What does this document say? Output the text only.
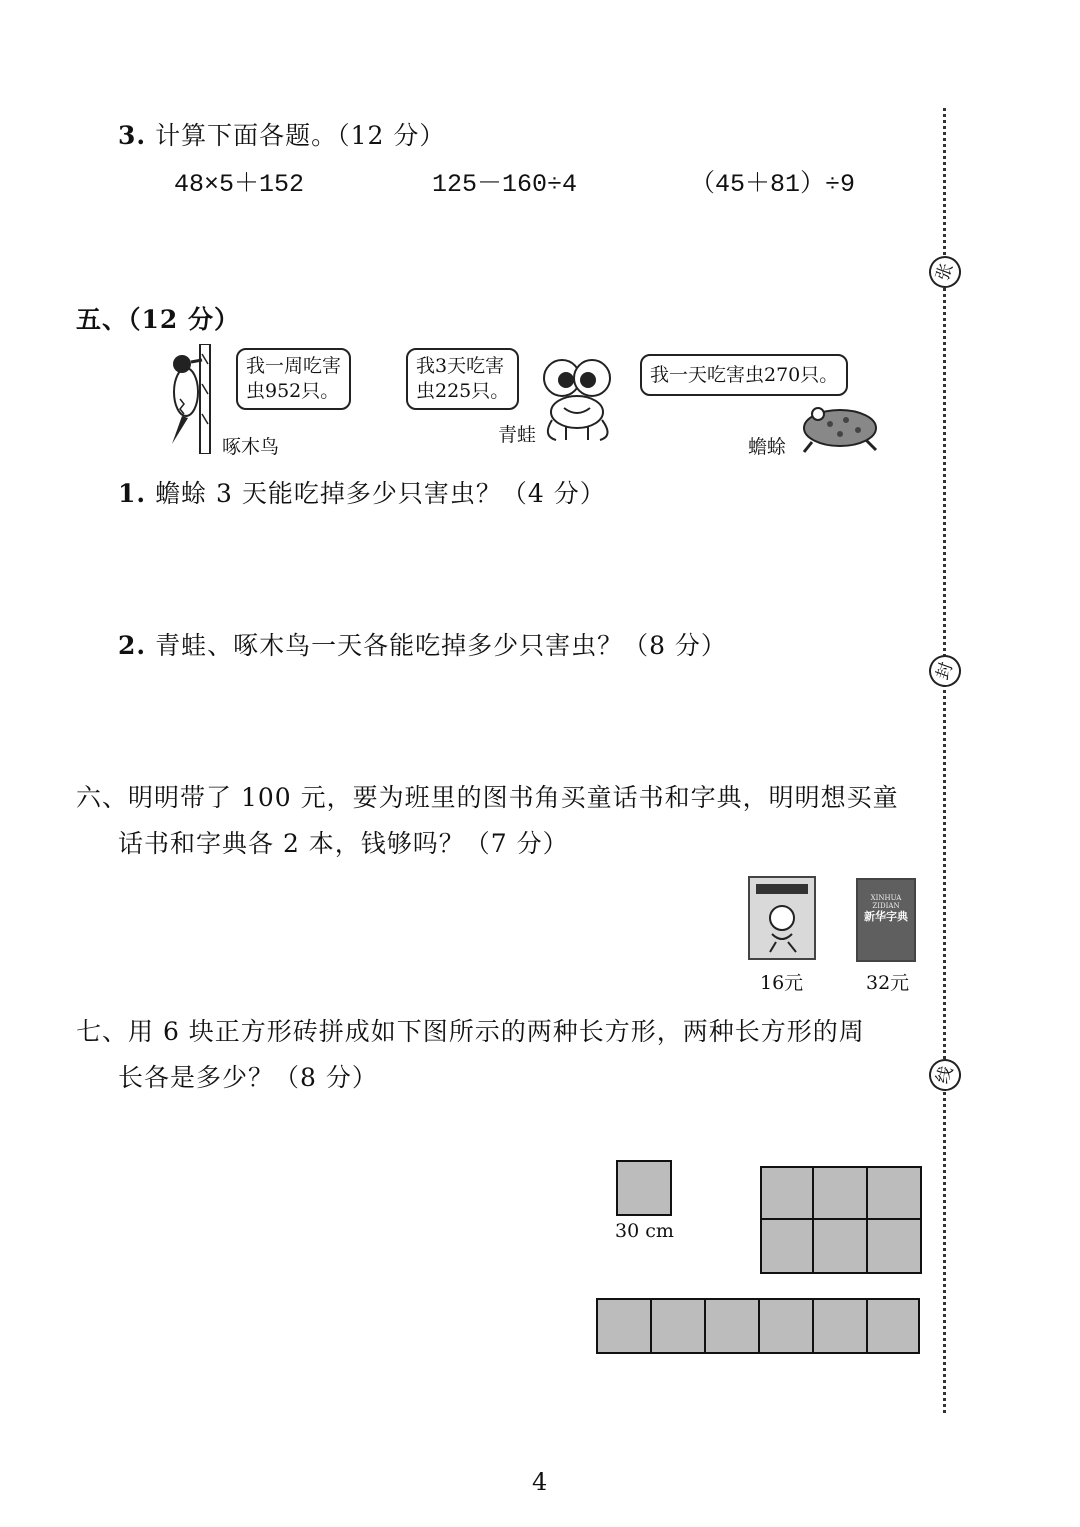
张
封
线
3. 计算下面各题。（12 分）
48×5＋152	125－160÷4	（45＋81）÷9
五、（12 分）
我一周吃害
虫952只。
啄木鸟
我3天吃害
虫225只。
青蛙
我一天吃害虫270只。
蟾蜍
1. 蟾蜍 3 天能吃掉多少只害虫？（4 分）
2. 青蛙、啄木鸟一天各能吃掉多少只害虫？（8 分）
六、明明带了 100 元，要为班里的图书角买童话书和字典，明明想买童
话书和字典各 2 本，钱够吗？（7 分）
16元
XINHUA ZIDIAN
新华字典
32元
七、用 6 块正方形砖拼成如下图所示的两种长方形，两种长方形的周
长各是多少？（8 分）
30 cm
4
